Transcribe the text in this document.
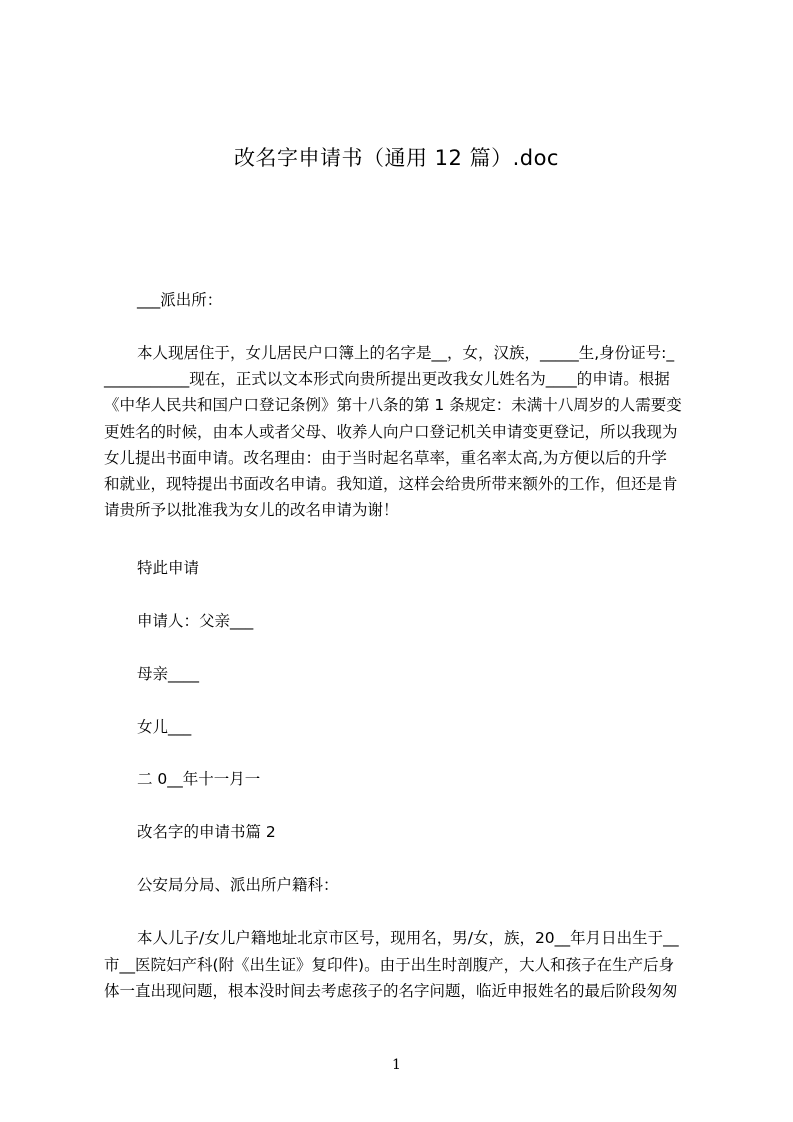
改名字申请书（通用 12 篇）.doc
___派出所：
本人现居住于，女儿居民户口簿上的名字是__，女，汉族，_____生,身份证号:_
___________现在，正式以文本形式向贵所提出更改我女儿姓名为____的申请。根据
《中华人民共和国户口登记条例》第十八条的第 1 条规定：未满十八周岁的人需要变
更姓名的时候，由本人或者父母、收养人向户口登记机关申请变更登记，所以我现为
女儿提出书面申请。改名理由：由于当时起名草率，重名率太高,为方便以后的升学
和就业，现特提出书面改名申请。我知道，这样会给贵所带来额外的工作，但还是肯
请贵所予以批准我为女儿的改名申请为谢！
特此申请
申请人：父亲___
母亲____
女儿___
二 0__年十一月一
改名字的申请书篇 2
公安局分局、派出所户籍科：
本人儿子/女儿户籍地址北京市区号，现用名，男/女，族，20__年月日出生于__
市__医院妇产科(附《出生证》复印件)。由于出生时剖腹产，大人和孩子在生产后身
体一直出现问题，根本没时间去考虑孩子的名字问题，临近申报姓名的最后阶段匆匆
1
